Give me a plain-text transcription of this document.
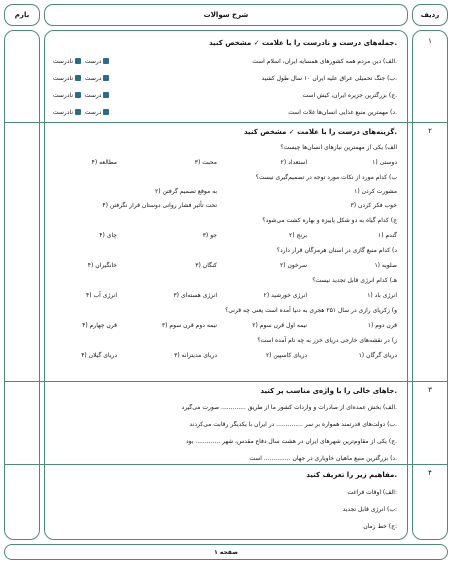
ردیف
شرح سوالات
بارم
۱
۲
۳
۴
جمله‌های درست و نادرست را با علامت ✓ مشخص کنید.
الف) دین مردم همه کشورهای همسایه ایران، اسلام است.
درست نادرست
ب) جنگ تحمیلی عراق علیه ایران ۱۰ سال طول کشید.
درست نادرست
ج) بزرگترین جزیره ایران، کیش است.
درست نادرست
د) مهمترین منبع غذایی انسان‌ها غلات است.
درست نادرست
گزینه‌های درست را با علامت ✓ مشخص کنید.
الف) یکی از مهمترین نیازهای انسان‌ها چیست؟
۱) دوستی
۲) استعداد
۳) محبت
۴) مطالعه
ب) کدام مورد از نکات مورد توجه در تصمیم‌گیری نیست؟
۱) مشورت کردن
۲) به موقع تصمیم گرفتن
۳) خوب فکر کردن
۴) تحت تأثیر فشار روانی دوستان قرار نگرفتن
ج) کدام گیاه به دو شکل پاییزه و بهاره کشت می‌شود؟
۱) گندم
۲) برنج
۳) جو
۴) چای
د) کدام منبع گازی در استان هرمزگان قرار دارد؟
۱) صلویه
۲) سرخون
۳) کنگان
۴) خانگیران
هـ) کدام انرژی قابل تجدید نیست؟
۱) انرژی باد
۲) انرژی خورشید
۳) انرژی هسته‌ای
۴) انرژی آب
و) زکریای رازی در سال ۲۵۱ هجری به دنیا آمده است یعنی چه قرنی؟
۱) قرن دوم
۲) نیمه اول قرن سوم
۳) نیمه دوم قرن سوم
۴) قرن چهارم
ز) در نقشه‌های خارجی دریای خزر به چه نام آمده است؟
۱) دریای گرگان
۲) دریای کاسپین
۳) دریای مدیترانه
۴) دریای گیلان
جاهای خالی را با واژه‌ی مناسب پر کنید.
الف) بخش عمده‌ای از صادرات و واردات کشور ما از طریق ............. صورت می‌گیرد.
ب) دولت‌های قدرتمند همواره بر سر .............. در ایران با یکدیگر رقابت می‌کردند.
ج) یکی از مقاوم‌ترین شهرهای ایران در هشت سال دفاع مقدس، شهر ............. بود.
د) بزرگترین منبع ماهیان خاویاری در جهان .............. است.
مفاهیم زیر را تعریف کنید.
الف) اوقات فراغت:
ب) انرژی قابل تجدید:
ج) خط زمان:
صفحه ۱
